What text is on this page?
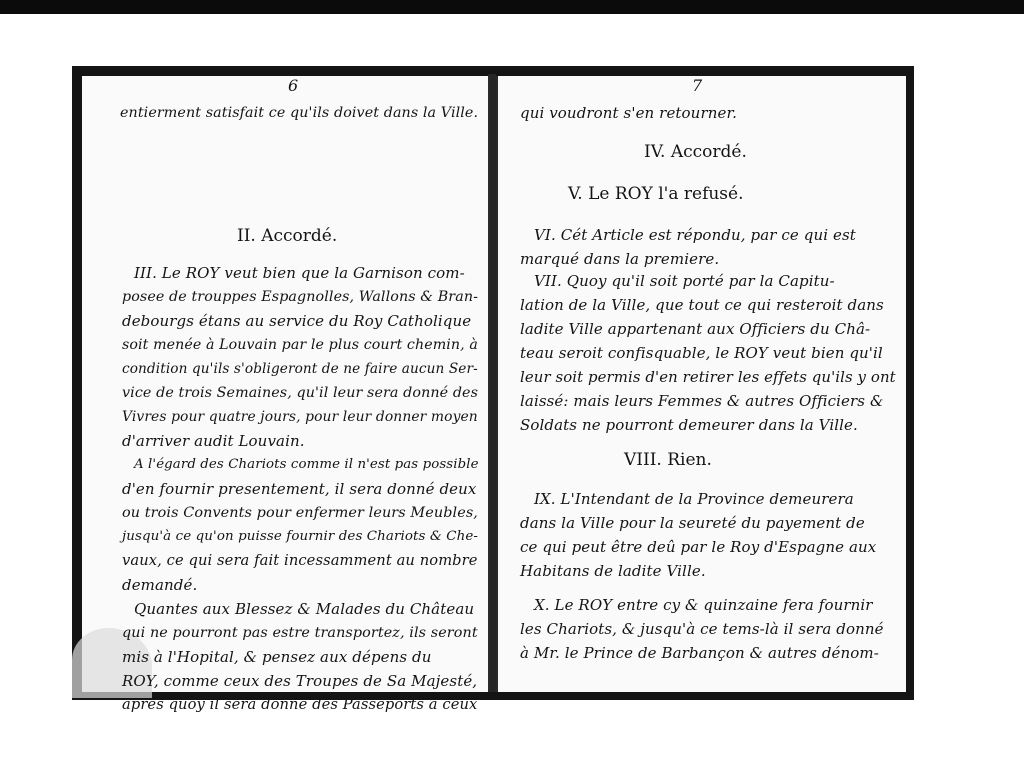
6
entierment satisfait ce qu'ils doivet dans la Ville.
II. Accordé.
III. Le ROY veut bien que la Garnison com-
posee de trouppes Espagnolles, Wallons & Bran-
debourgs étans au service du Roy Catholique
soit menée à Louvain par le plus court chemin, à
condition qu'ils s'obligeront de ne faire aucun Ser-
vice de trois Semaines, qu'il leur sera donné des
Vivres pour quatre jours, pour leur donner moyen
d'arriver audit Louvain.
A l'égard des Chariots comme il n'est pas possible
d'en fournir presentement, il sera donné deux
ou trois Convents pour enfermer leurs Meubles,
jusqu'à ce qu'on puisse fournir des Chariots & Che-
vaux, ce qui sera fait incessamment au nombre
demandé.
Quantes aux Blessez & Malades du Château
qui ne pourront pas estre transportez, ils seront
mis à l'Hopital, & pensez aux dépens du
ROY, comme ceux des Troupes de Sa Majesté,
aprés quoy il sera donné des Passeports à ceux
7
qui voudront s'en retourner.
IV. Accordé.
V. Le ROY l'a refusé.
VI. Cét Article est répondu, par ce qui est
marqué dans la premiere.
VII. Quoy qu'il soit porté par la Capitu-
lation de la Ville, que tout ce qui resteroit dans
ladite Ville appartenant aux Officiers du Châ-
teau seroit confisquable, le ROY veut bien qu'il
leur soit permis d'en retirer les effets qu'ils y ont
laissé: mais leurs Femmes & autres Officiers &
Soldats ne pourront demeurer dans la Ville.
VIII. Rien.
IX. L'Intendant de la Province demeurera
dans la Ville pour la seureté du payement de
ce qui peut être deû par le Roy d'Espagne aux
Habitans de ladite Ville.
X. Le ROY entre cy & quinzaine fera fournir
les Chariots, & jusqu'à ce tems-là il sera donné
à Mr. le Prince de Barbançon & autres dénom-
